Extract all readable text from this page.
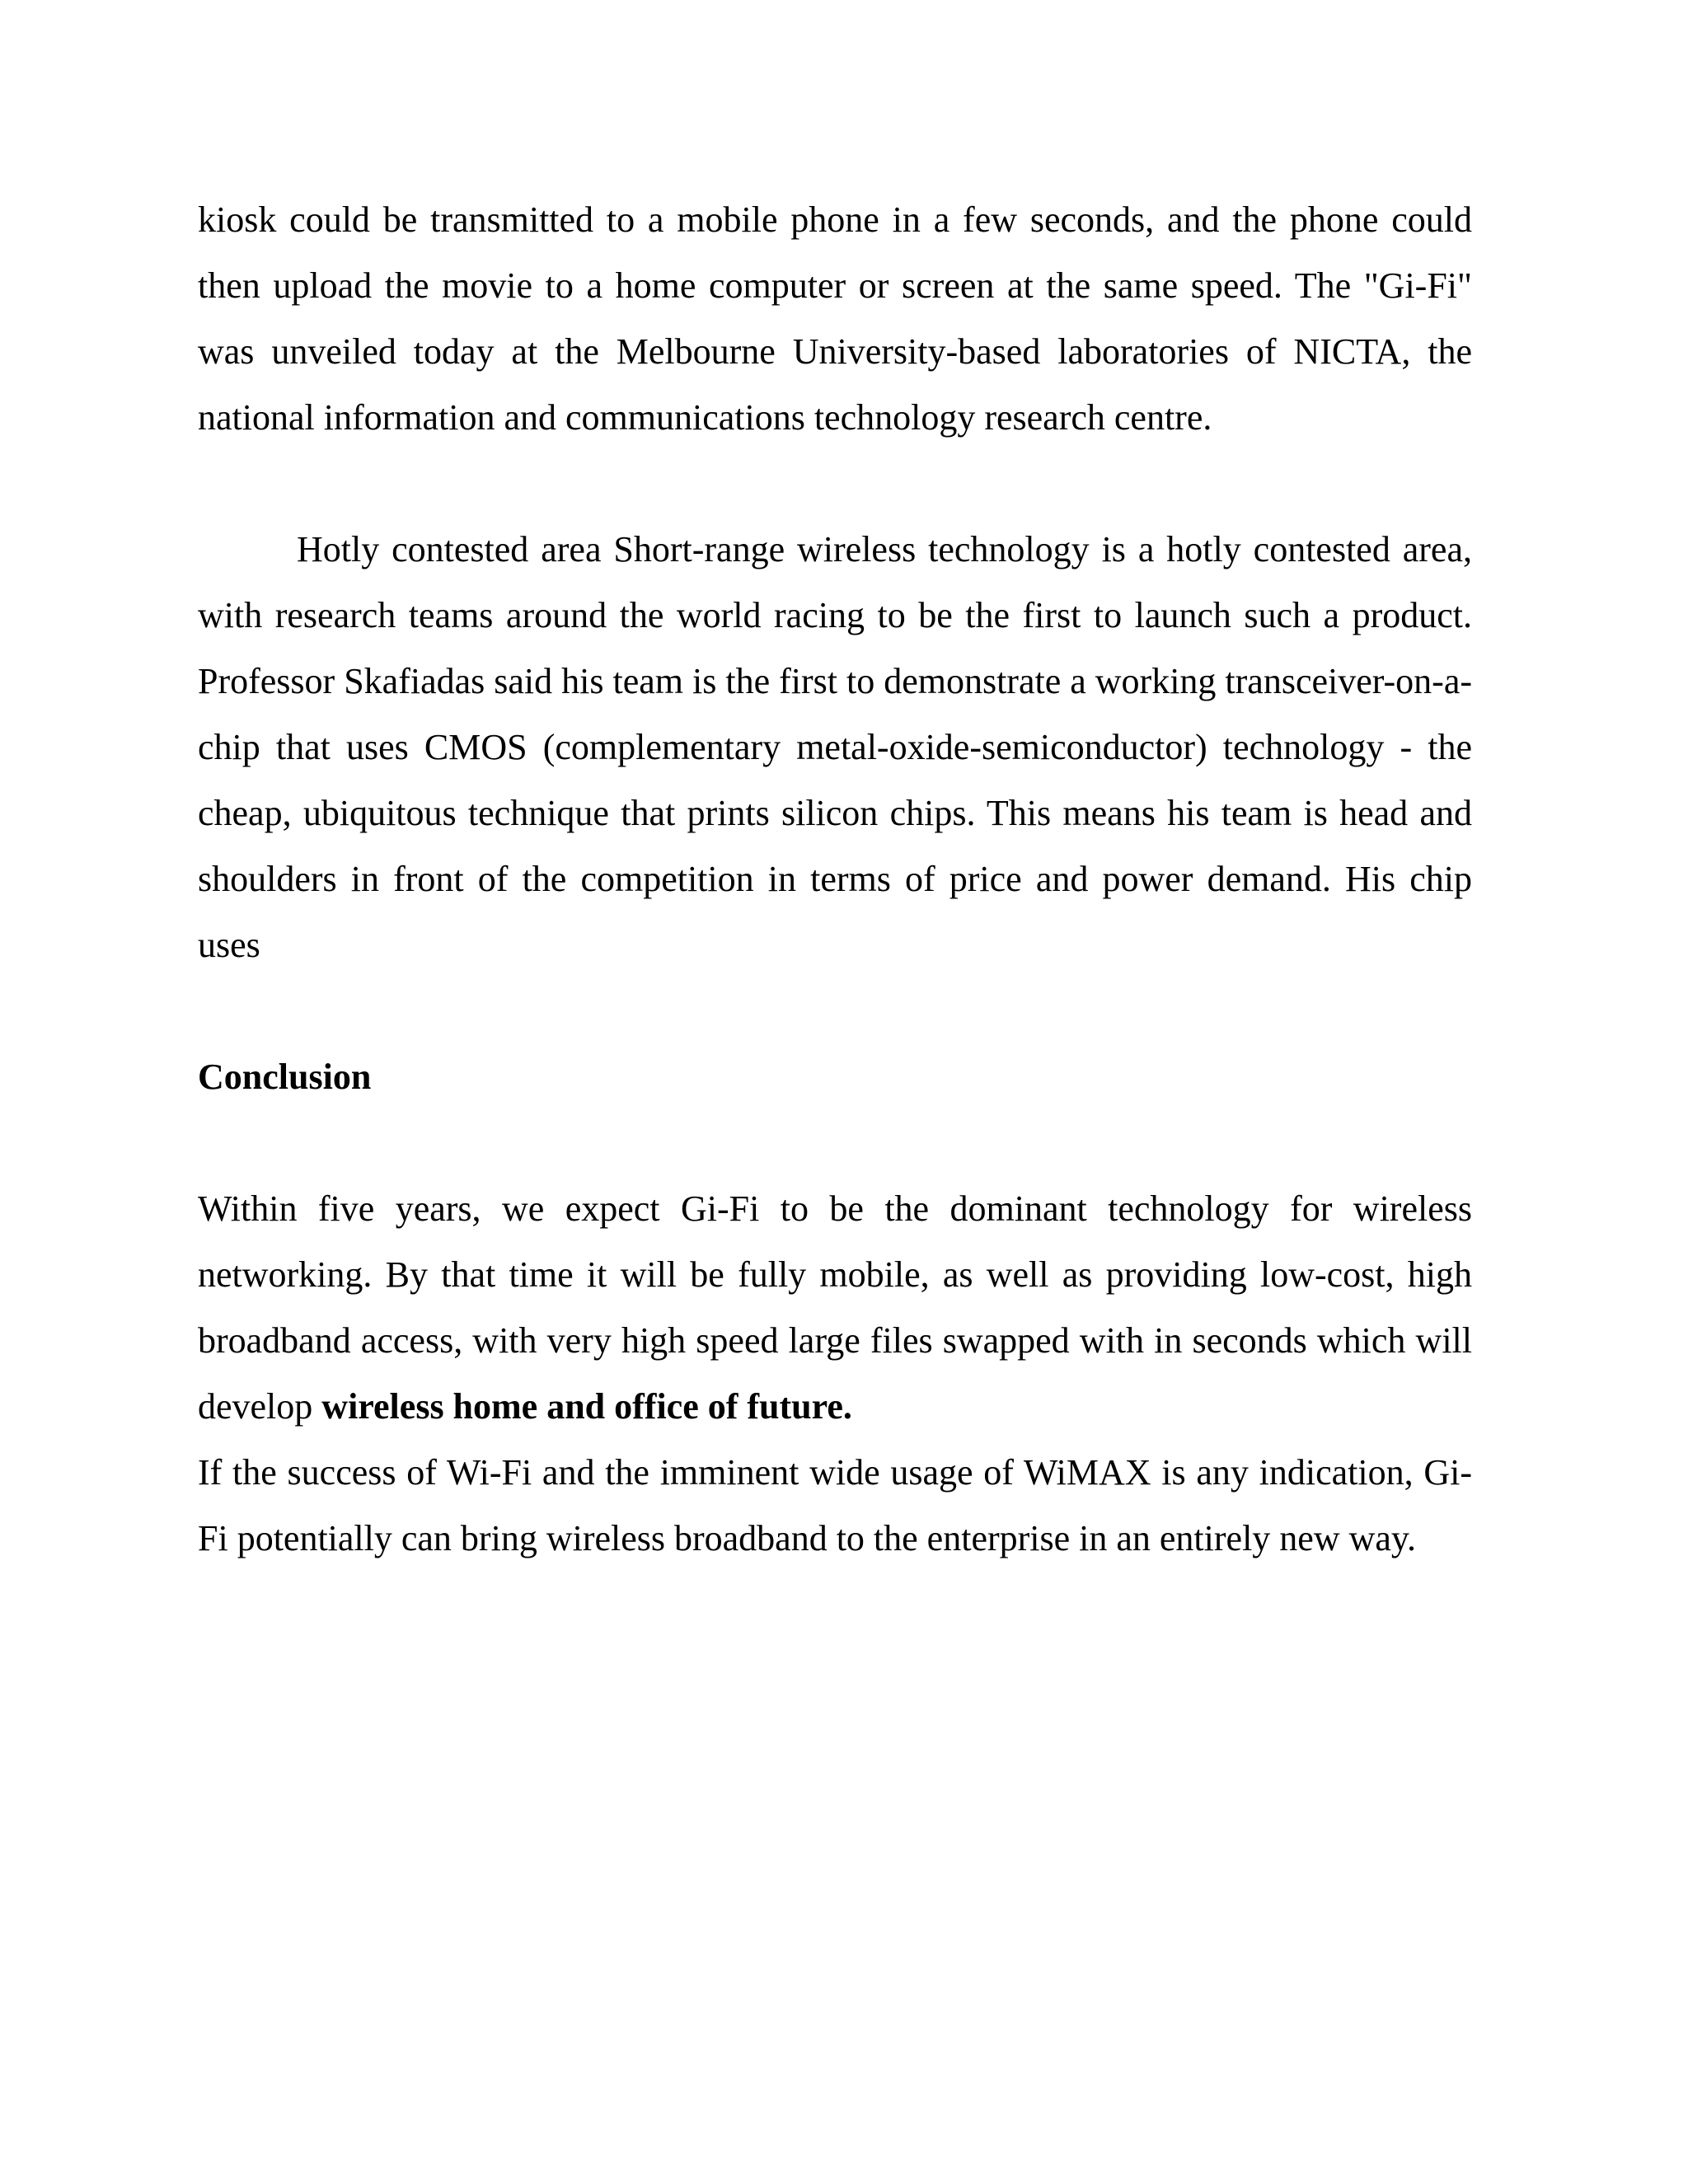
kiosk could be transmitted to a mobile phone in a few seconds, and the phone could then upload the movie to a home computer or screen at the same speed. The "Gi-Fi" was unveiled today at the Melbourne University-based laboratories of NICTA, the national information and communications technology research centre.
Hotly contested area Short-range wireless technology is a hotly contested area, with research teams around the world racing to be the first to launch such a product. Professor Skafiadas said his team is the first to demonstrate a working transceiver-on-a-chip that uses CMOS (complementary metal-oxide-semiconductor) technology - the cheap, ubiquitous technique that prints silicon chips. This means his team is head and shoulders in front of the competition in terms of price and power demand. His chip uses
Conclusion
Within five years, we expect Gi-Fi to be the dominant technology for wireless networking. By that time it will be fully mobile, as well as providing low-cost, high broadband access, with very high speed large files swapped with in seconds which will develop wireless home and office of future.
If the success of Wi-Fi and the imminent wide usage of WiMAX is any indication, Gi-Fi potentially can bring wireless broadband to the enterprise in an entirely new way.
